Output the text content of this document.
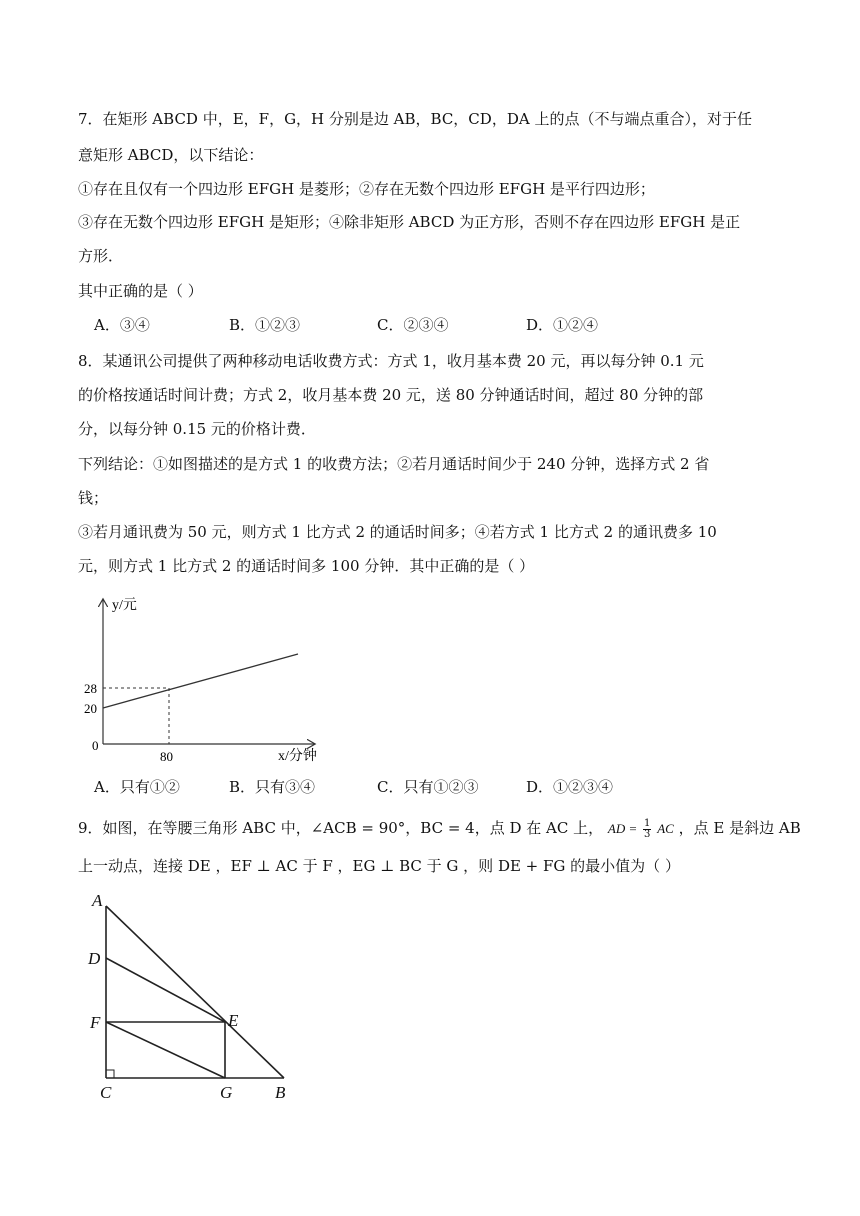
7．在矩形 ABCD 中，E，F，G，H 分别是边 AB，BC，CD，DA 上的点（不与端点重合），对于任
意矩形 ABCD，以下结论：
①存在且仅有一个四边形 EFGH 是菱形；②存在无数个四边形 EFGH 是平行四边形；
③存在无数个四边形 EFGH 是矩形；④除非矩形 ABCD 为正方形，否则不存在四边形 EFGH 是正
方形．
其中正确的是（ ）
A．③④	B．①②③	C．②③④	D．①②④
8．某通讯公司提供了两种移动电话收费方式：方式 1，收月基本费 20 元，再以每分钟 0.1 元
的价格按通话时间计费；方式 2，收月基本费 20 元，送 80 分钟通话时间，超过 80 分钟的部
分，以每分钟 0.15 元的价格计费．
下列结论：①如图描述的是方式 1 的收费方法；②若月通话时间少于 240 分钟，选择方式 2 省
钱；
③若月通讯费为 50 元，则方式 1 比方式 2 的通话时间多；④若方式 1 比方式 2 的通讯费多 10
元，则方式 1 比方式 2 的通话时间多 100 分钟．其中正确的是（ ）
y/元
x/分钟
0
28
20
80
A．只有①②	B．只有③④	C．只有①②③	D．①②③④
9．如图，在等腰三角形 ABC 中，∠ACB = 90°，BC = 4，点 D 在 AC 上， AD = $\frac{1}{3}$ AC ，点 E 是斜边 AB
上一动点，连接 DE ，EF ⊥ AC 于 F ，EG ⊥ BC 于 G ，则 DE + FG 的最小值为（ ）
A
D
F	E
C	G	B
